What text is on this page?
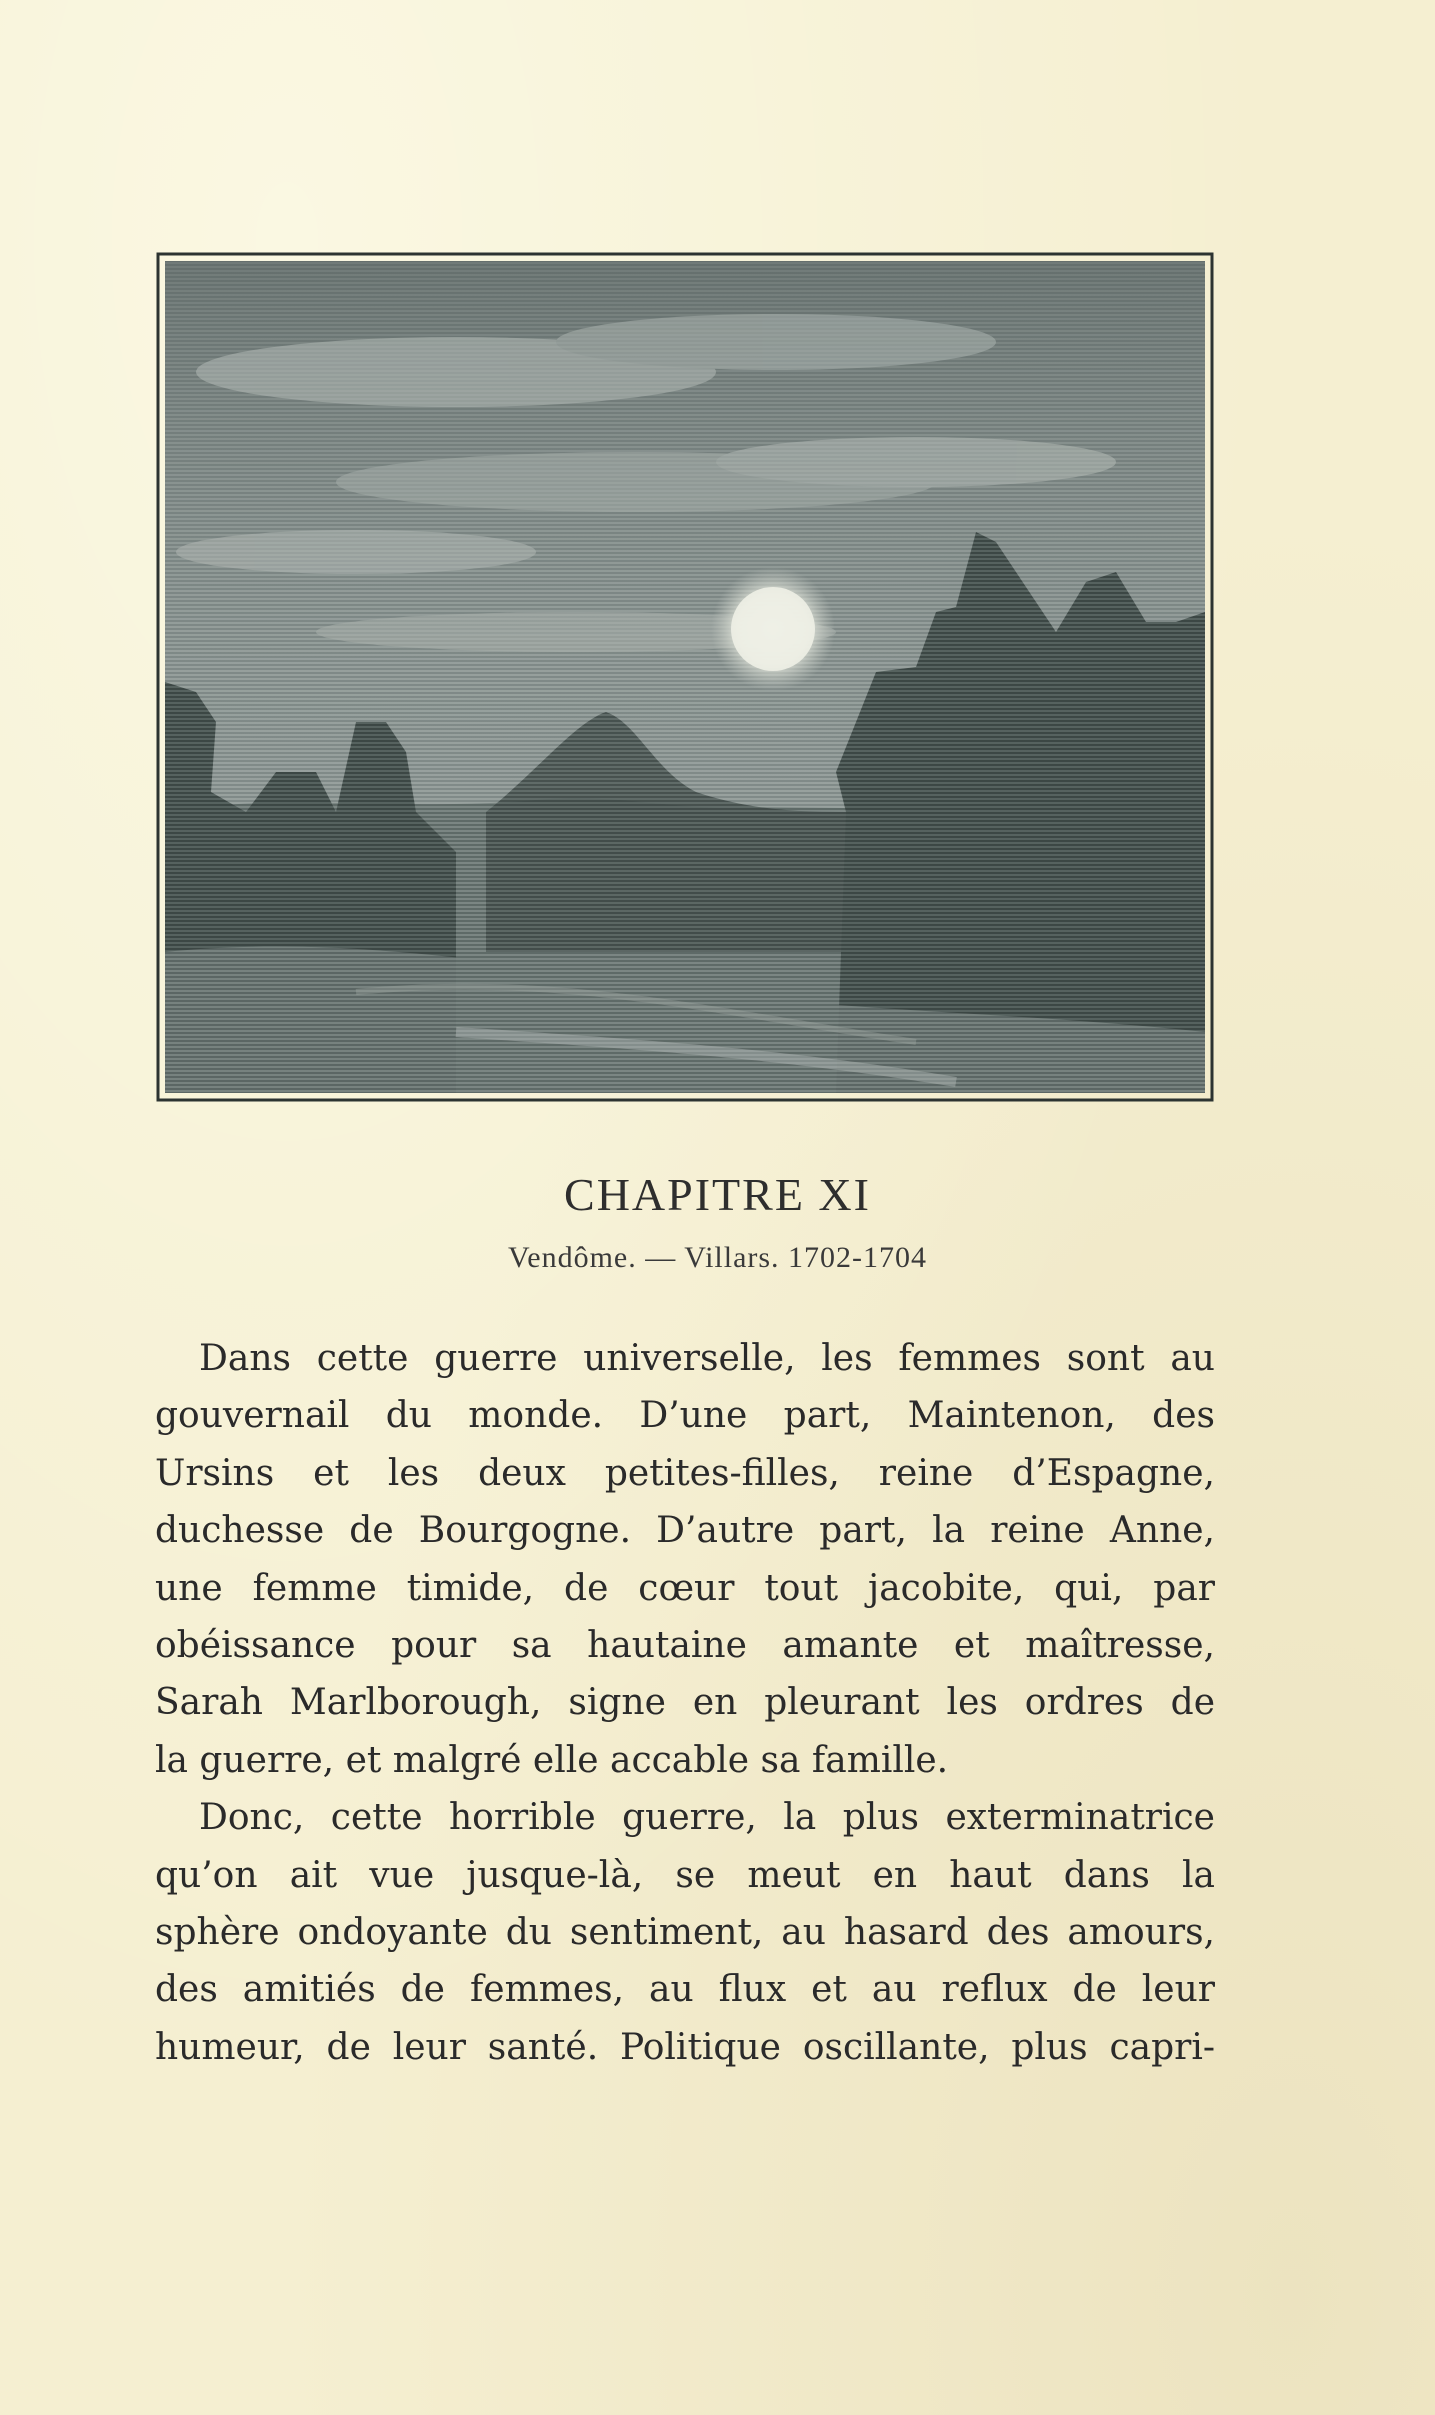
CHAPITRE XI
Vendôme. — Villars. 1702-1704
Dans cette guerre universelle, les femmes sont au
gouvernail du monde. D’une part, Maintenon, des
Ursins et les deux petites-filles, reine d’Espagne,
duchesse de Bourgogne. D’autre part, la reine Anne,
une femme timide, de cœur tout jacobite, qui, par
obéissance pour sa hautaine amante et maîtresse,
Sarah Marlborough, signe en pleurant les ordres de
la guerre, et malgré elle accable sa famille.
Donc, cette horrible guerre, la plus exterminatrice
qu’on ait vue jusque-là, se meut en haut dans la
sphère ondoyante du sentiment, au hasard des amours,
des amitiés de femmes, au flux et au reflux de leur
humeur, de leur santé. Politique oscillante, plus capri-
